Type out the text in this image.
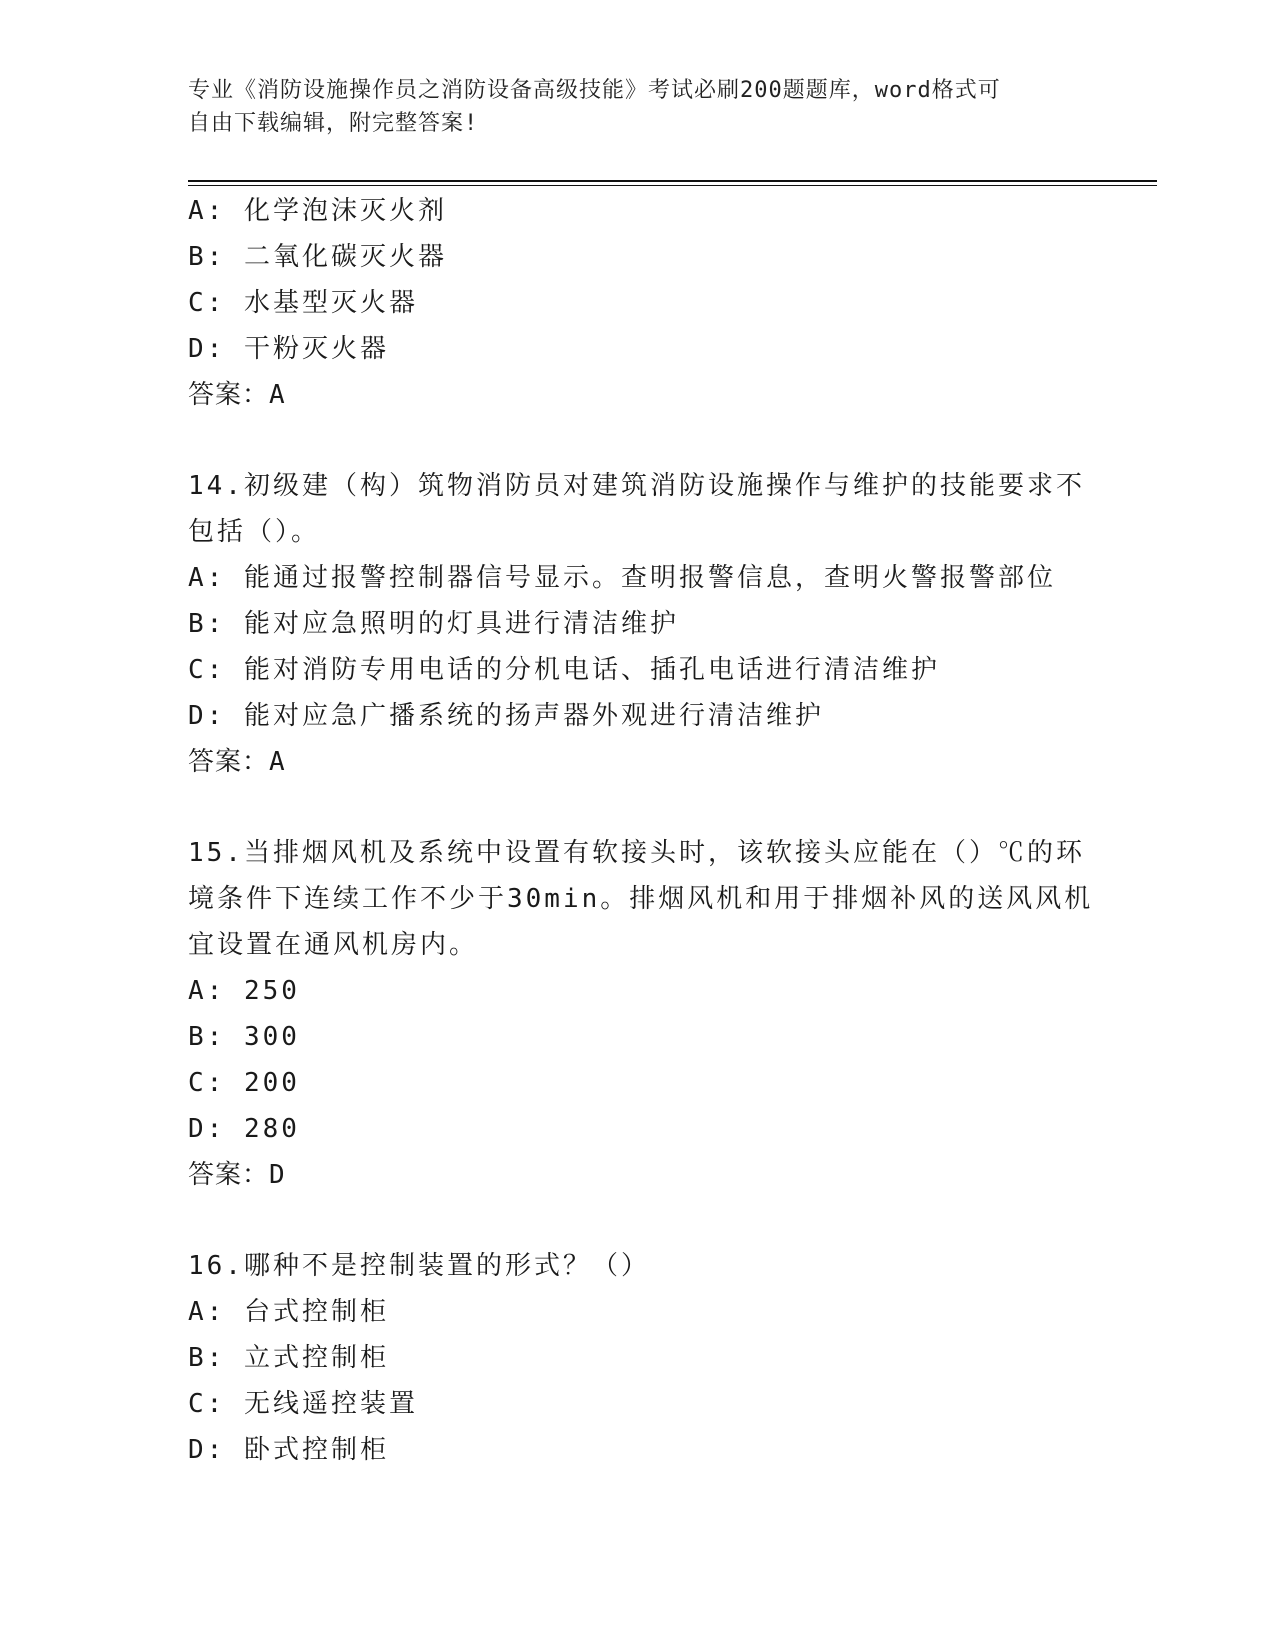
专业《消防设施操作员之消防设备高级技能》考试必刷200题题库，word格式可
自由下载编辑，附完整答案!
A: 化学泡沫灭火剂
B: 二氧化碳灭火器
C: 水基型灭火器
D: 干粉灭火器
答案：A
14.初级建（构）筑物消防员对建筑消防设施操作与维护的技能要求不
包括（）。
A: 能通过报警控制器信号显示。查明报警信息，查明火警报警部位
B: 能对应急照明的灯具进行清洁维护
C: 能对消防专用电话的分机电话、插孔电话进行清洁维护
D: 能对应急广播系统的扬声器外观进行清洁维护
答案：A
15.当排烟风机及系统中设置有软接头时，该软接头应能在（）℃的环
境条件下连续工作不少于30min。排烟风机和用于排烟补风的送风风机
宜设置在通风机房内。
A: 250
B: 300
C: 200
D: 280
答案：D
16.哪种不是控制装置的形式？（）
A: 台式控制柜
B: 立式控制柜
C: 无线遥控装置
D: 卧式控制柜
